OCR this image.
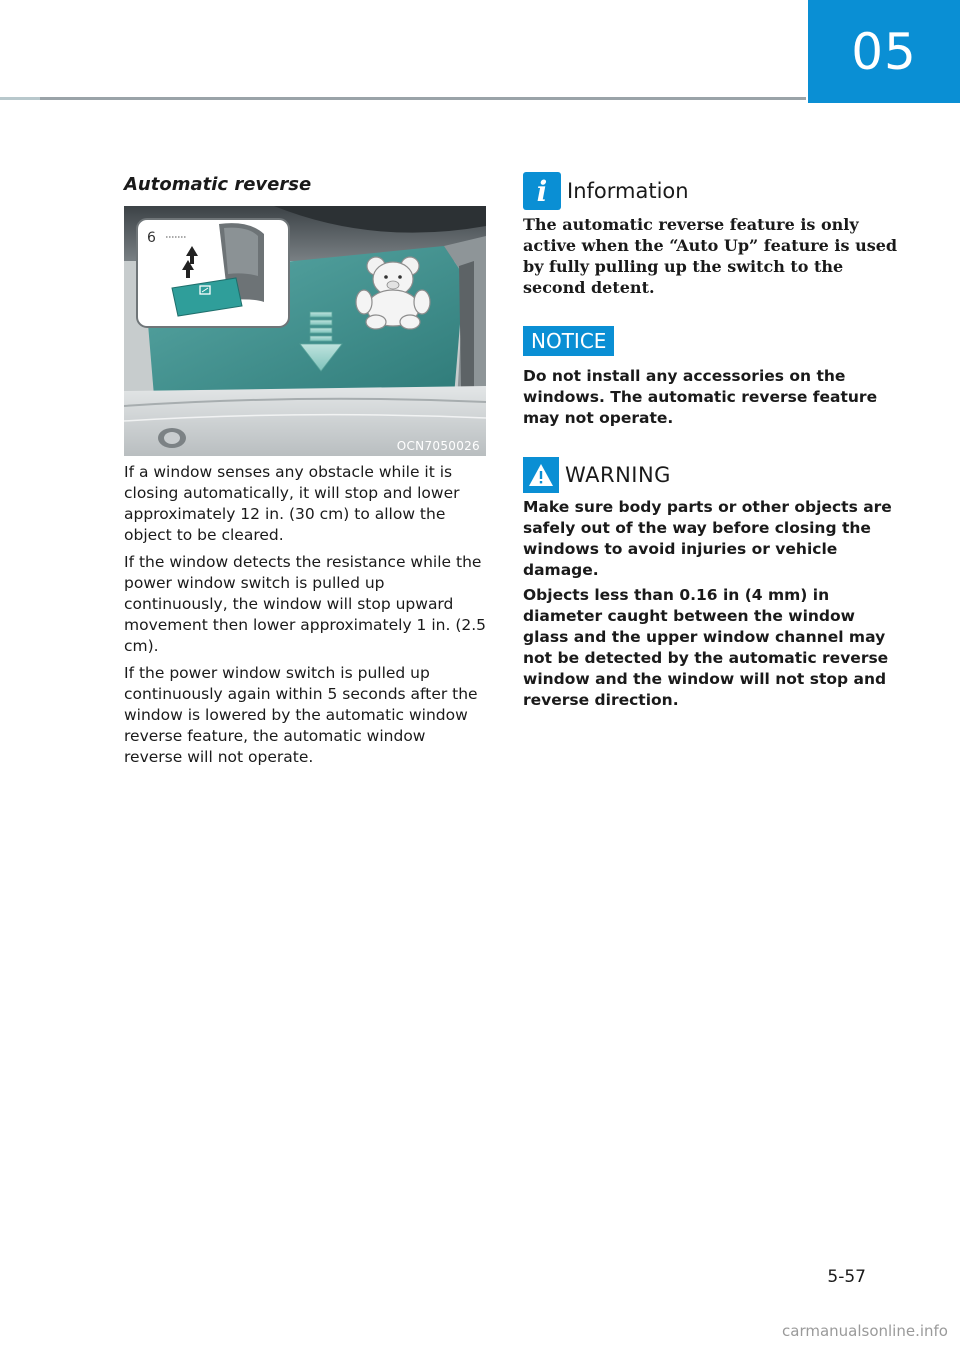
05
Automatic reverse
6
OCN7050026

If a window senses any obstacle while it is closing automatically, it will stop and lower approximately 12 in. (30 cm) to allow the object to be cleared.

If the window detects the resistance while the power window switch is pulled up continuously, the window will stop upward movement then lower approximately 1 in. (2.5 cm).

If the power window switch is pulled up continuously again within 5 seconds after the window is lowered by the automatic window reverse feature, the automatic window reverse will not operate.

i Information

The automatic reverse feature is only active when the “Auto Up” feature is used by fully pulling up the switch to the second detent.

NOTICE

Do not install any accessories on the windows. The automatic reverse feature may not operate.

WARNING

Make sure body parts or other objects are safely out of the way before closing the windows to avoid injuries or vehicle damage.

Objects less than 0.16 in (4 mm) in diameter caught between the window glass and the upper window channel may not be detected by the automatic reverse window and the window will not stop and reverse direction.

5-57
carmanualsonline.info
